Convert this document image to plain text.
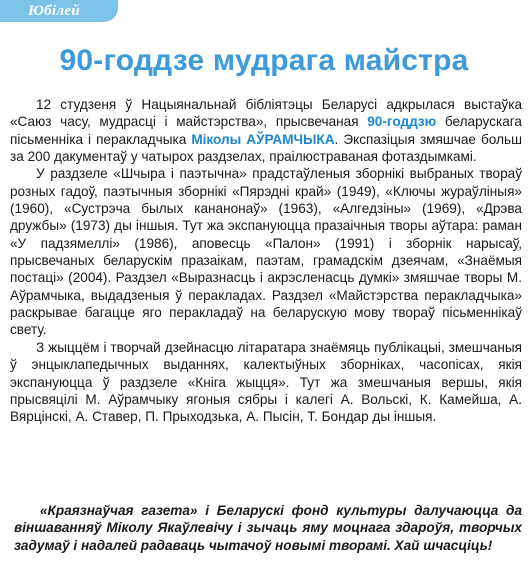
Юбілей
90-годдзе мудрага майстра

12 студзеня ў Нацыянальнай бібліятэцы Беларусі адкрылася выстаўка «Саюз часу, мудрасці і майстэрства», прысвечаная 90-годдзю беларускага пісьменніка і перакладчыка Міколы АЎРАМЧЫКА. Экспазіцыя змяшчае больш за 200 дакументаў у чатырох раздзелах, праілюстраваная фотаздымкамі.

У раздзеле «Шчыра і паэтычна» прадстаўленыя зборнікі выбраных твораў розных гадоў, паэтычныя зборнікі «Пярэдні край» (1949), «Ключы жураўліныя» (1960), «Сустрэча былых кананонаў» (1963), «Алгедзіны» (1969), «Дрэва дружбы» (1973) ды іншыя. Тут жа экспануюцца празаічныя творы аўтара: раман «У падзямеллі» (1986), аповесць «Палон» (1991) і зборнік нарысаў, прысвечаных беларускім празаікам, паэтам, грамадскім дзеячам, «Знаёмыя постаці» (2004). Раздзел «Выразнасць і акрэсленасць думкі» змяшчае творы М. Аўрамчыка, выдадзеныя ў перакладах. Раздзел «Майстэрства перакладчыка» раскрывае багацце яго перакладаў на беларускую мову твораў пісьменнікаў свету.

З жыццём і творчай дзейнасцю літаратара знаёмяць публікацыі, змешчаныя ў энцыклапедычных выданнях, калектыўных зборніках, часопісах, якія экспануюцца ў раздзеле «Кніга жыцця». Тут жа змешчаныя вершы, якія прысвяцілі М. Аўрамчыку ягоныя сябры і калегі А. Вольскі, К. Камейша, А. Вярцінскі, А. Ставер, П. Прыходзька, А. Пысін, Т. Бондар ды іншыя.

«Краязнаўчая газета» і Беларускі фонд культуры далучаюцца да віншаванняў Міколу Якаўлевічу і зычаць яму моцнага здароўя, творчых задумаў і надалей радаваць чытачоў новымі творамі. Хай шчасціць!
